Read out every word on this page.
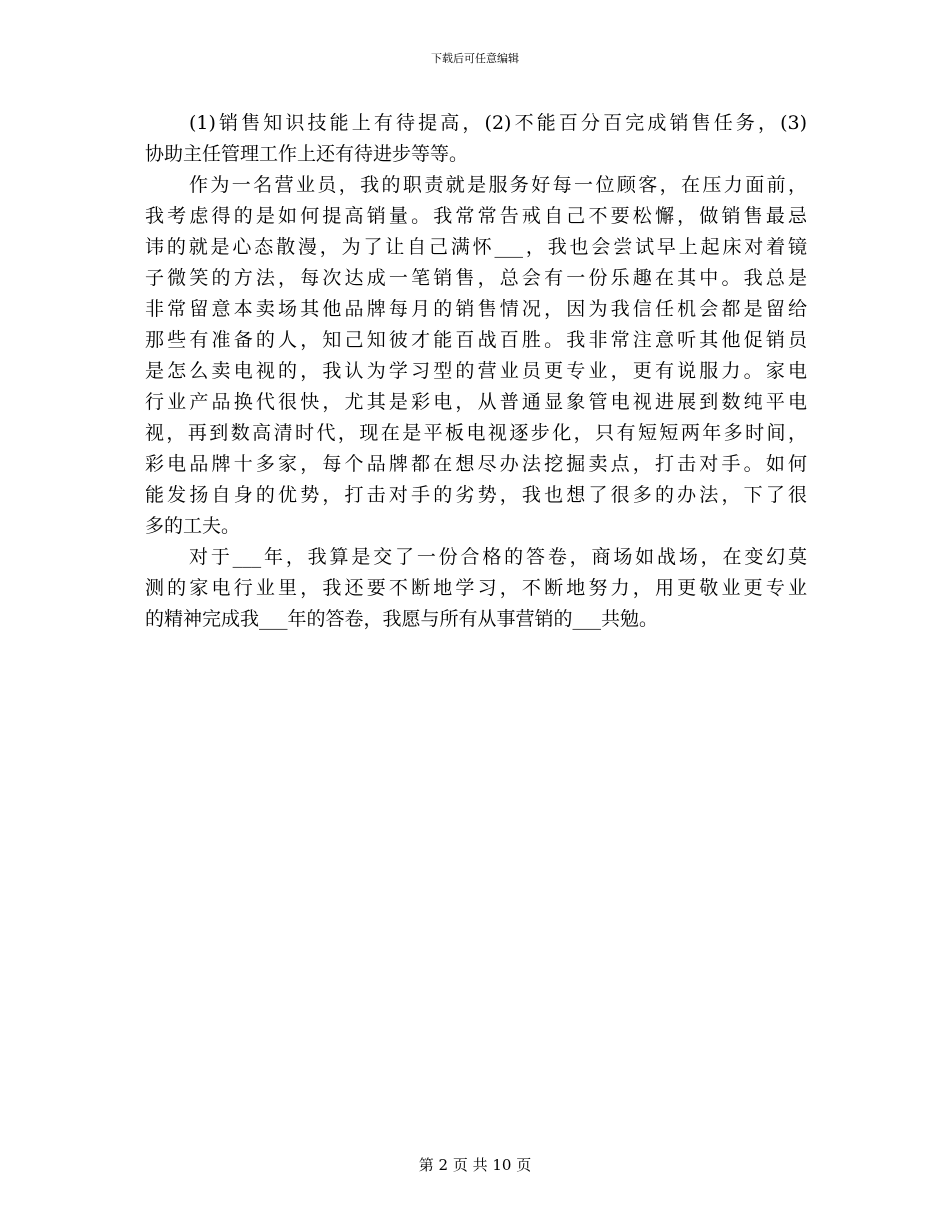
下载后可任意编辑
(1)销售知识技能上有待提高，(2)不能百分百完成销售任务，(3)
协助主任管理工作上还有待进步等等。
作为一名营业员，我的职责就是服务好每一位顾客，在压力面前，
我考虑得的是如何提高销量。我常常告戒自己不要松懈，做销售最忌
讳的就是心态散漫，为了让自己满怀___，我也会尝试早上起床对着镜
子微笑的方法，每次达成一笔销售，总会有一份乐趣在其中。我总是
非常留意本卖场其他品牌每月的销售情况，因为我信任机会都是留给
那些有准备的人，知己知彼才能百战百胜。我非常注意听其他促销员
是怎么卖电视的，我认为学习型的营业员更专业，更有说服力。家电
行业产品换代很快，尤其是彩电，从普通显象管电视进展到数纯平电
视，再到数高清时代，现在是平板电视逐步化，只有短短两年多时间，
彩电品牌十多家，每个品牌都在想尽办法挖掘卖点，打击对手。如何
能发扬自身的优势，打击对手的劣势，我也想了很多的办法，下了很
多的工夫。
对于___年，我算是交了一份合格的答卷，商场如战场，在变幻莫
测的家电行业里，我还要不断地学习，不断地努力，用更敬业更专业
的精神完成我___年的答卷，我愿与所有从事营销的___共勉。
第 2 页 共 10 页
